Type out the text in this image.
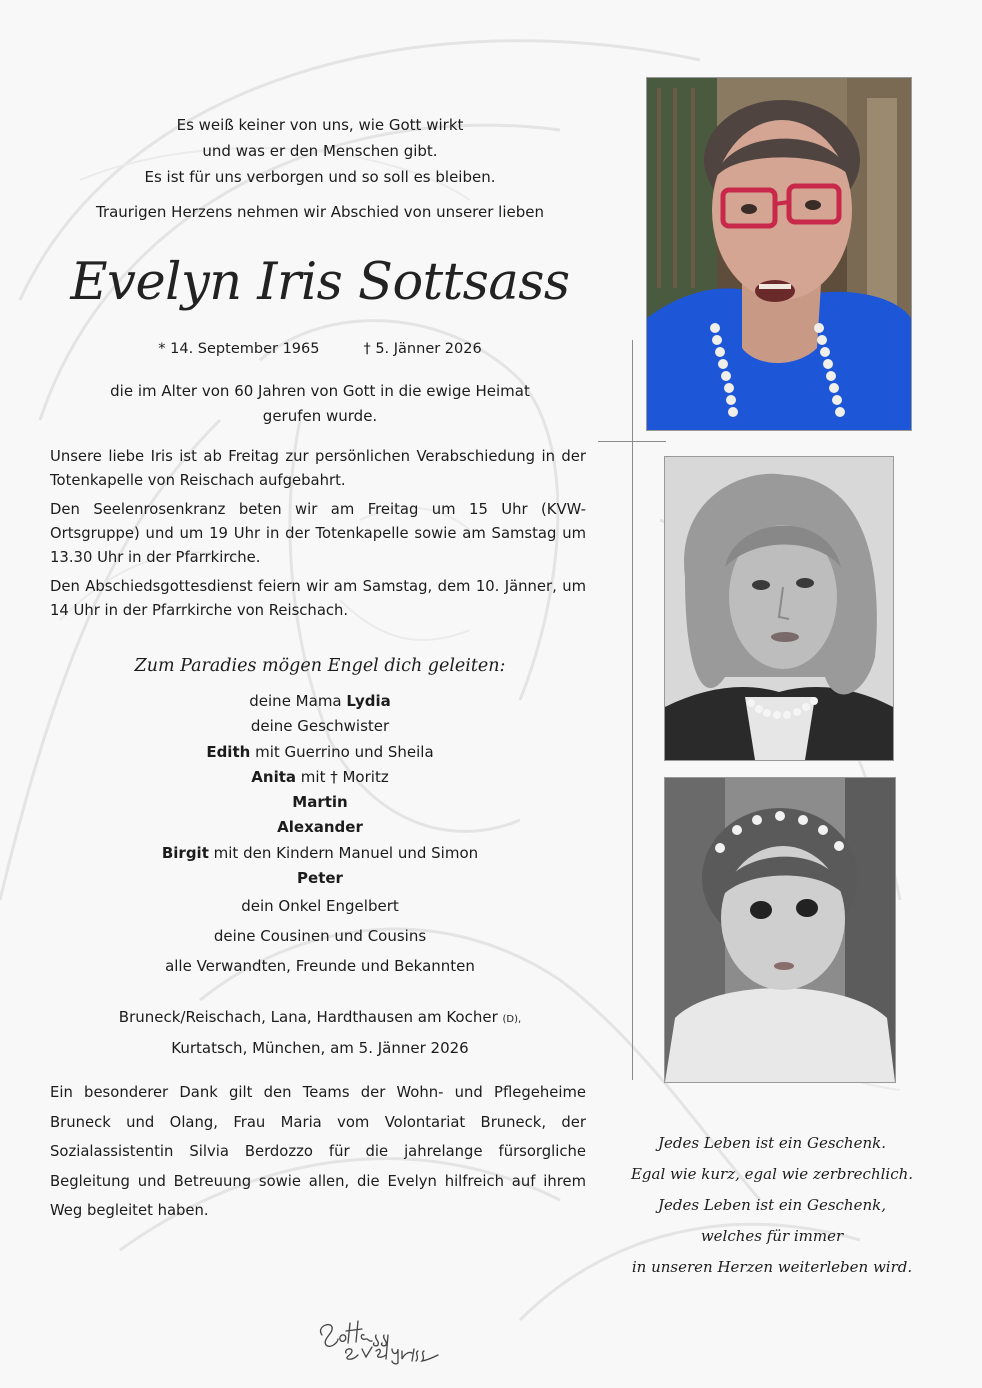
Es weiß keiner von uns, wie Gott wirkt
und was er den Menschen gibt.
Es ist für uns verborgen und so soll es bleiben.
Traurigen Herzens nehmen wir Abschied von unserer lieben
Evelyn Iris Sottsass
* 14. September 1965	† 5. Jänner 2026
die im Alter von 60 Jahren von Gott in die ewige Heimat
gerufen wurde.

Unsere liebe Iris ist ab Freitag zur persönlichen Verabschiedung in der Totenkapelle von Reischach aufgebahrt.

Den Seelenrosenkranz beten wir am Freitag um 15 Uhr (KVW-Ortsgruppe) und um 19 Uhr in der Totenkapelle sowie am Samstag um 13.30 Uhr in der Pfarrkirche.

Den Abschiedsgottesdienst feiern wir am Samstag, dem 10. Jänner, um 14 Uhr in der Pfarrkirche von Reischach.

Zum Paradies mögen Engel dich geleiten:
deine Mama Lydia
deine Geschwister
Edith mit Guerrino und Sheila
Anita mit † Moritz
Martin
Alexander
Birgit mit den Kindern Manuel und Simon
Peter
dein Onkel Engelbert
deine Cousinen und Cousins
alle Verwandten, Freunde und Bekannten
Bruneck/Reischach, Lana, Hardthausen am Kocher (D),
Kurtatsch, München, am 5. Jänner 2026
Ein besonderer Dank gilt den Teams der Wohn- und Pflegeheime Bruneck und Olang, Frau Maria vom Volontariat Bruneck, der Sozialassistentin Silvia Berdozzo für die jahrelange fürsorgliche Begleitung und Betreuung sowie allen, die Evelyn hilfreich auf ihrem Weg begleitet haben.
Jedes Leben ist ein Geschenk.
Egal wie kurz, egal wie zerbrechlich.
Jedes Leben ist ein Geschenk,
welches für immer
in unseren Herzen weiterleben wird.
